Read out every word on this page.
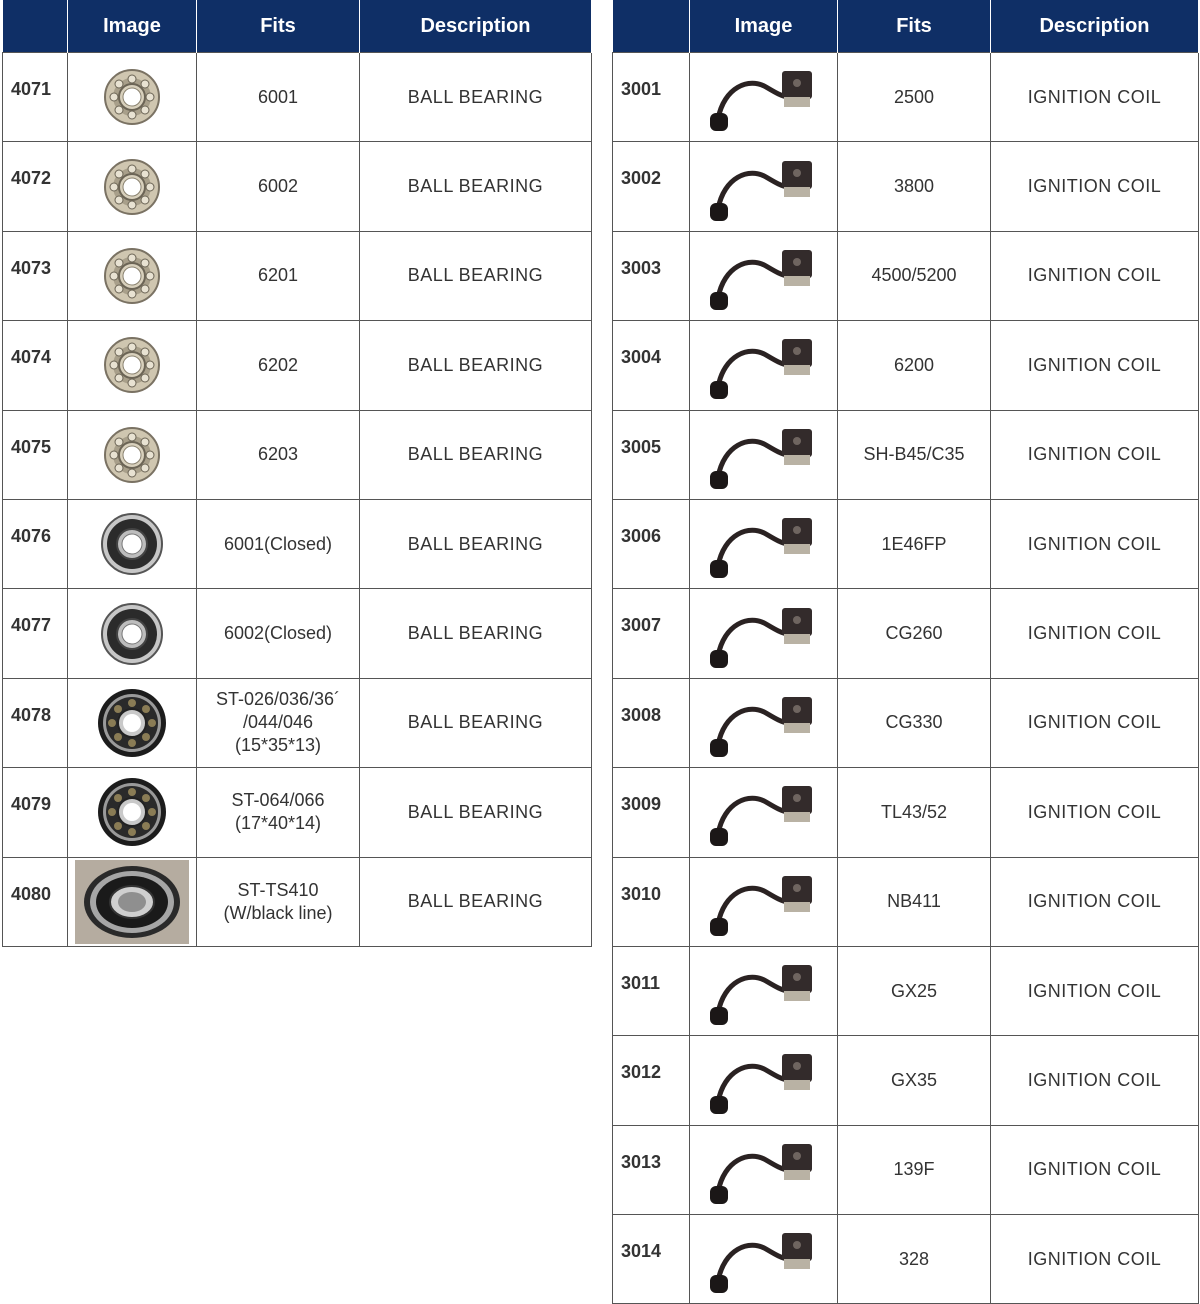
	Image	Fits	Description
4071		6001	BALL BEARING
4072		6002	BALL BEARING
4073		6201	BALL BEARING
4074		6202	BALL BEARING
4075		6203	BALL BEARING
4076		6001(Closed)	BALL BEARING
4077		6002(Closed)	BALL BEARING
4078		ST-026/036/36´
/044/046
(15*35*13)	BALL BEARING
4079		ST-064/066
(17*40*14)	BALL BEARING
4080		ST-TS410
(W/black line)	BALL BEARING
	Image	Fits	Description
3001		2500	IGNITION COIL
3002		3800	IGNITION COIL
3003		4500/5200	IGNITION COIL
3004		6200	IGNITION COIL
3005		SH-B45/C35	IGNITION COIL
3006		1E46FP	IGNITION COIL
3007		CG260	IGNITION COIL
3008		CG330	IGNITION COIL
3009		TL43/52	IGNITION COIL
3010		NB411	IGNITION COIL
3011		GX25	IGNITION COIL
3012		GX35	IGNITION COIL
3013		139F	IGNITION COIL
3014		328	IGNITION COIL
